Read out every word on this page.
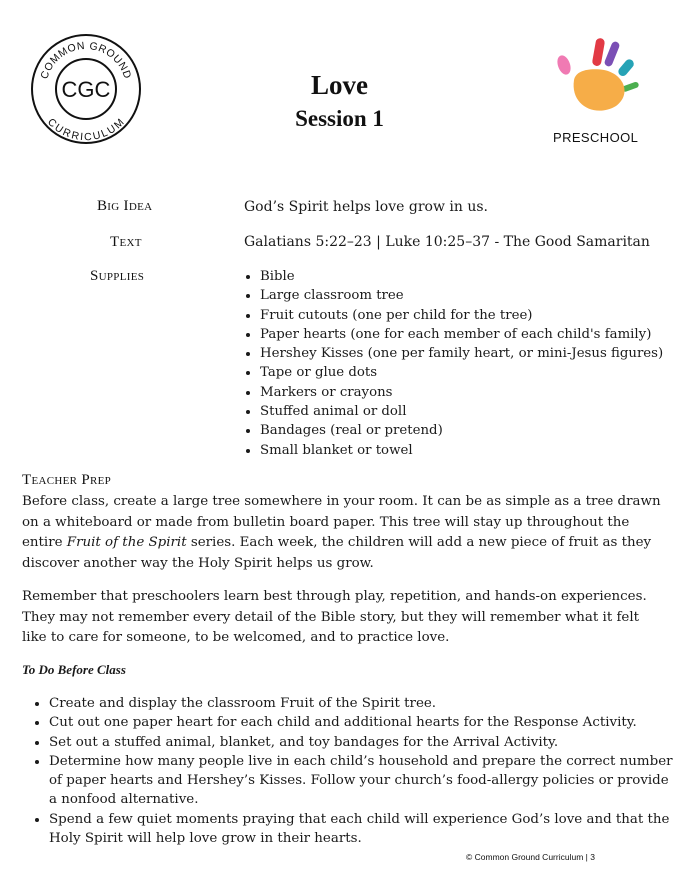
COMMON GROUND
CURRICULUM
CGC	Love
Session 1
PRESCHOOL
Big Idea	God’s Spirit helps love grow in us.
Text	Galatians 5:22–23 | Luke 10:25–37 - The Good Samaritan
Supplies
•	Bible
• Large classroom tree
• Fruit cutouts (one per child for the tree)
• Paper hearts (one for each member of each child's family)
• Hershey Kisses (one per family heart, or mini-Jesus figures)
• Tape or glue dots
• Markers or crayons
• Stuffed animal or doll
• Bandages (real or pretend)
• Small blanket or towel
Teacher Prep
Before class, create a large tree somewhere in your room. It can be as simple as a tree drawn on a whiteboard or made from bulletin board paper. This tree will stay up throughout the entire Fruit of the Spirit series. Each week, the children will add a new piece of fruit as they discover another way the Holy Spirit helps us grow.
Remember that preschoolers learn best through play, repetition, and hands-on experiences. They may not remember every detail of the Bible story, but they will remember what it felt like to care for someone, to be welcomed, and to practice love.
To Do Before Class
• Create and display the classroom Fruit of the Spirit tree.
• Cut out one paper heart for each child and additional hearts for the Response Activity.
• Set out a stuffed animal, blanket, and toy bandages for the Arrival Activity.
• Determine how many people live in each child’s household and prepare the correct number of paper hearts and Hershey’s Kisses. Follow your church’s food-allergy policies or provide a nonfood alternative.
• Spend a few quiet moments praying that each child will experience God’s love and that the Holy Spirit will help love grow in their hearts.
© Common Ground Curriculum | 3
